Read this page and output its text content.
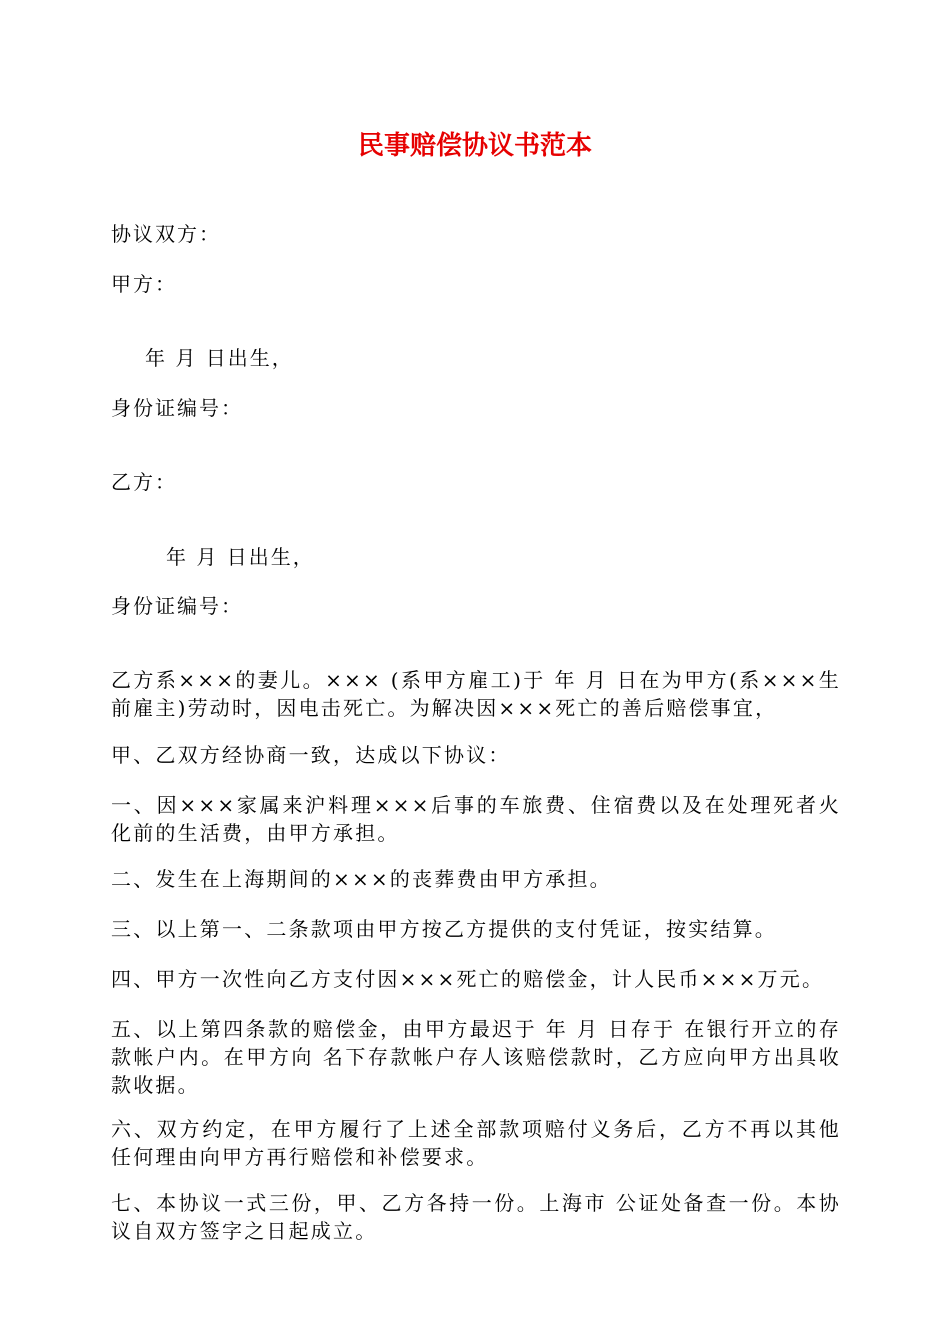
民事赔偿协议书范本
协议双方：
甲方：
年 月 日出生，
身份证编号：
乙方：
年 月 日出生，
身份证编号：
乙方系×××的妻儿。××× (系甲方雇工)于 年 月 日在为甲方(系×××生前雇主)劳动时，因电击死亡。为解决因×××死亡的善后赔偿事宜，
甲、乙双方经协商一致，达成以下协议：
一、因×××家属来沪料理×××后事的车旅费、住宿费以及在处理死者火化前的生活费，由甲方承担。
二、发生在上海期间的×××的丧葬费由甲方承担。
三、以上第一、二条款项由甲方按乙方提供的支付凭证，按实结算。
四、甲方一次性向乙方支付因×××死亡的赔偿金，计人民币×××万元。
五、以上第四条款的赔偿金，由甲方最迟于 年 月 日存于 在银行开立的存款帐户内。在甲方向 名下存款帐户存人该赔偿款时，乙方应向甲方出具收款收据。
六、双方约定，在甲方履行了上述全部款项赔付义务后，乙方不再以其他任何理由向甲方再行赔偿和补偿要求。
七、本协议一式三份，甲、乙方各持一份。上海市 公证处备查一份。本协议自双方签字之日起成立。
